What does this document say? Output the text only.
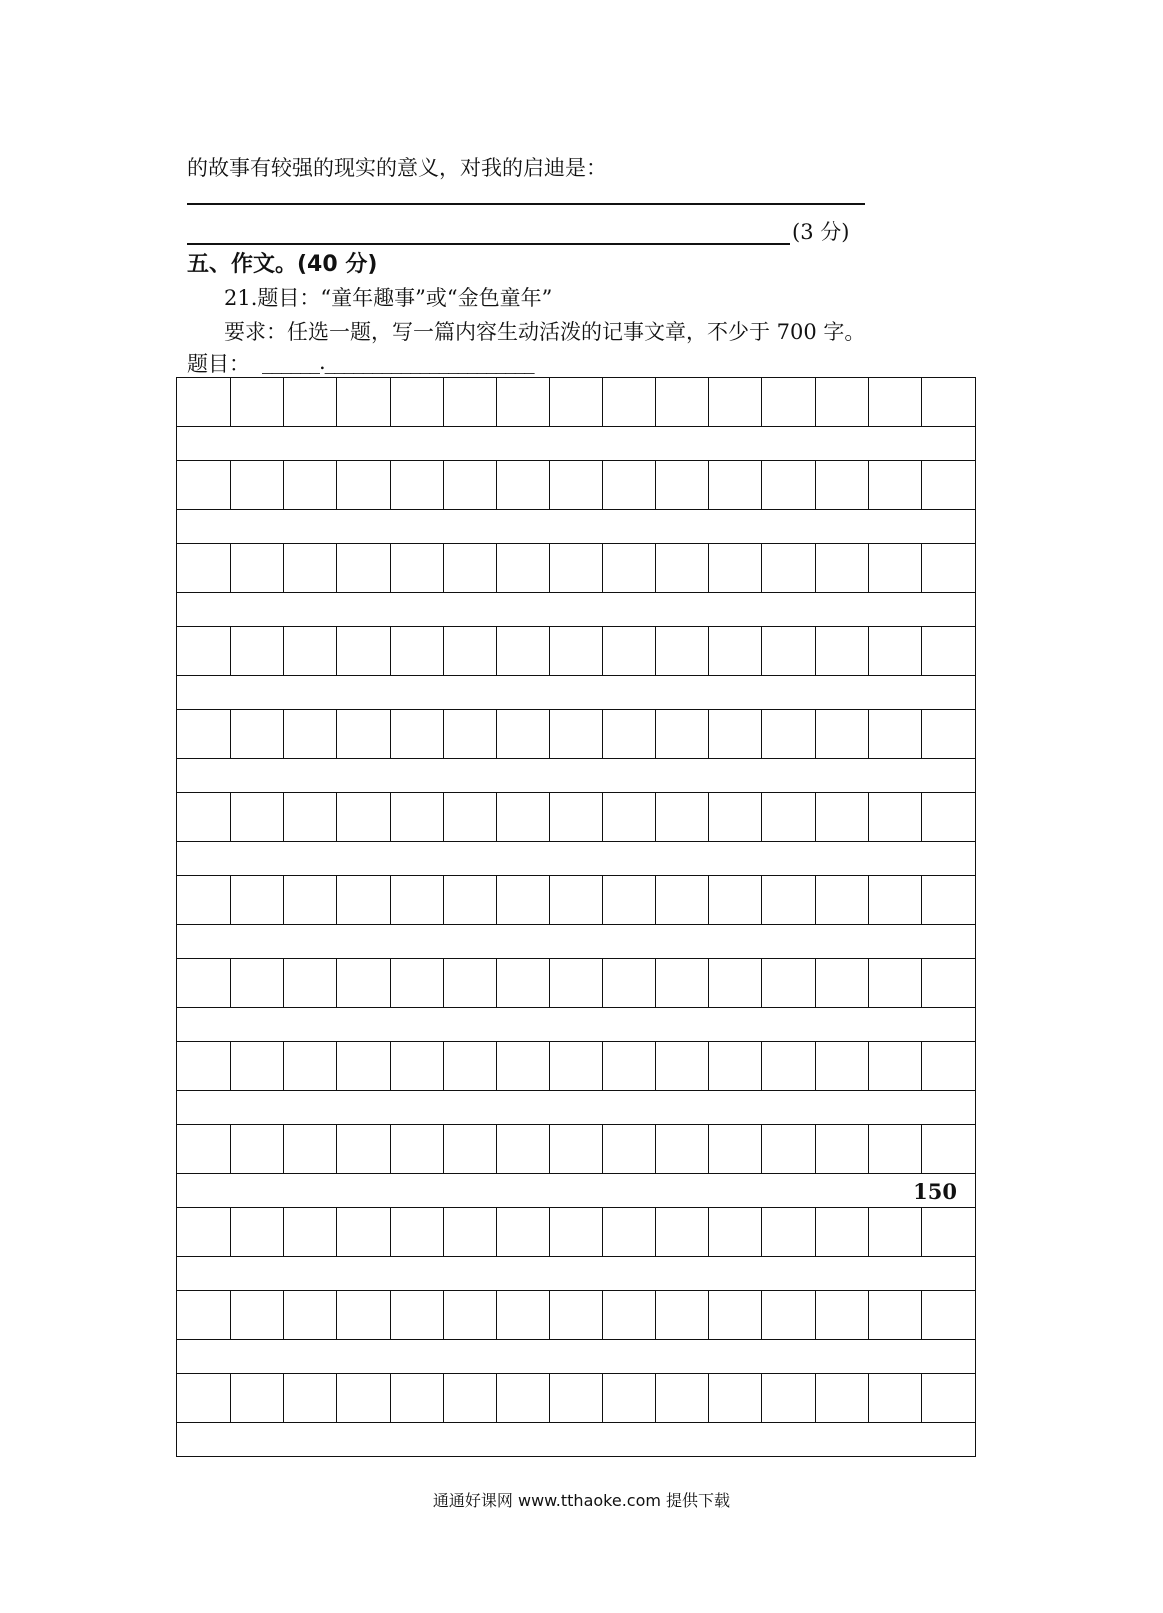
的故事有较强的现实的意义，对我的启迪是：
(3 分)
五、作文。(40 分)
21.题目：“童年趣事”或“金色童年”
要求：任选一题，写一篇内容生动活泼的记事文章，不少于 700 字。
题目： ______.______________________
150
通通好课网 www.tthaoke.com 提供下载
